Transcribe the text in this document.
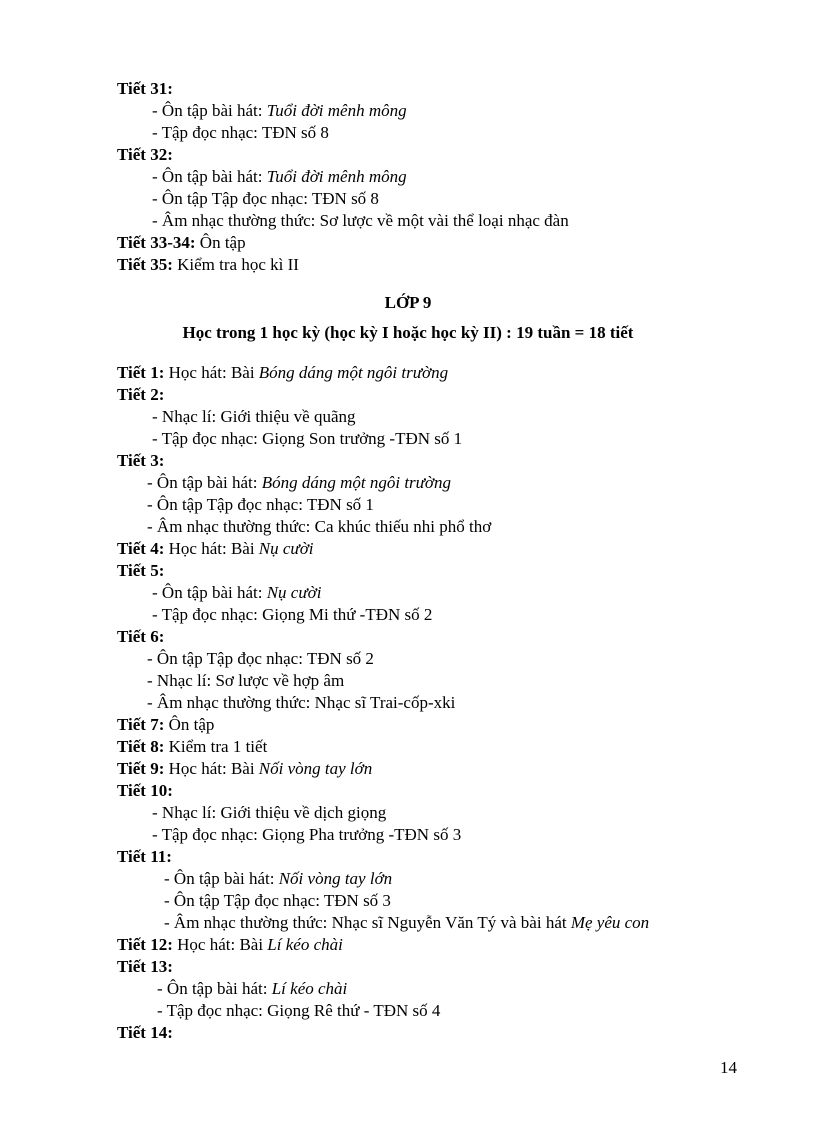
Tiết 31:
- Ôn tập bài hát: Tuổi đời mênh mông
- Tập đọc nhạc: TĐN số 8
Tiết 32:
- Ôn tập bài hát: Tuổi đời mênh mông
- Ôn tập Tập đọc nhạc: TĐN số 8
- Âm nhạc thường thức: Sơ lược về một vài thể loại nhạc đàn
Tiết 33-34: Ôn tập
Tiết 35: Kiểm tra học kì II
LỚP 9
Học trong 1 học kỳ (học kỳ I hoặc học kỳ II) : 19 tuần = 18 tiết
Tiết 1: Học hát: Bài Bóng dáng một ngôi trường
Tiết 2:
- Nhạc lí: Giới thiệu về quãng
- Tập đọc nhạc: Giọng Son trưởng -TĐN số 1
Tiết 3:
- Ôn tập bài hát: Bóng dáng một ngôi trường
- Ôn tập Tập đọc nhạc: TĐN số 1
- Âm nhạc thường thức: Ca khúc thiếu nhi phổ thơ
Tiết 4: Học hát: Bài Nụ cười
Tiết 5:
- Ôn tập bài hát: Nụ cười
- Tập đọc nhạc: Giọng Mi thứ -TĐN số 2
Tiết 6:
- Ôn tập Tập đọc nhạc: TĐN số 2
- Nhạc lí: Sơ lược về hợp âm
- Âm nhạc thường thức: Nhạc sĩ Trai-cốp-xki
Tiết 7: Ôn tập
Tiết 8: Kiểm tra 1 tiết
Tiết 9: Học hát: Bài Nối vòng tay lớn
Tiết 10:
- Nhạc lí: Giới thiệu về dịch giọng
- Tập đọc nhạc: Giọng Pha trưởng -TĐN số 3
Tiết 11:
- Ôn tập bài hát: Nối vòng tay lớn
- Ôn tập Tập đọc nhạc: TĐN số 3
- Âm nhạc thường thức: Nhạc sĩ Nguyễn Văn Tý và bài hát Mẹ yêu con
Tiết 12: Học hát: Bài Lí kéo chài
Tiết 13:
- Ôn tập bài hát: Lí kéo chài
- Tập đọc nhạc: Giọng Rê thứ - TĐN số 4
Tiết 14:
14
